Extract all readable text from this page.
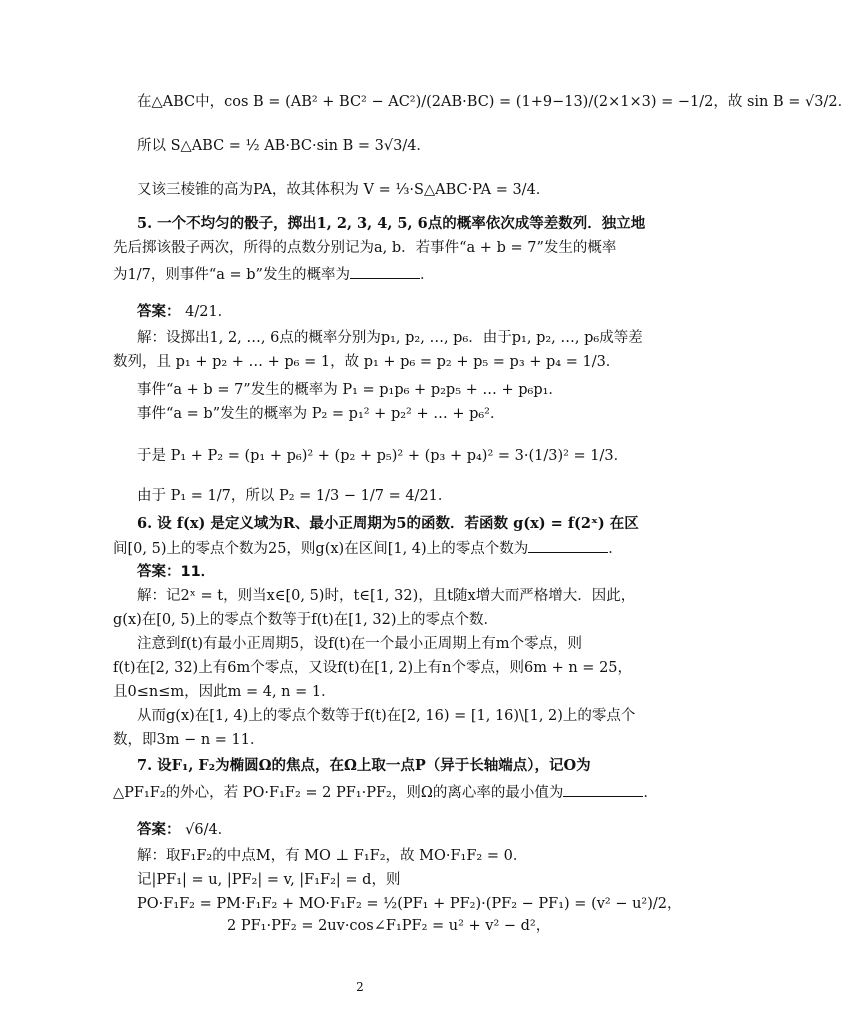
在△ABC中，cos B = (AB² + BC² − AC²)/(2AB·BC) = (1+9−13)/(2×1×3) = −1/2，故 sin B = √3/2．
所以 S△ABC = ½ AB·BC·sin B = 3√3/4．
又该三棱锥的高为PA，故其体积为 V = ⅓·S△ABC·PA = 3/4．
5. 一个不均匀的骰子，掷出1, 2, 3, 4, 5, 6点的概率依次成等差数列．独立地
先后掷该骰子两次，所得的点数分别记为a, b．若事件“a + b = 7”发生的概率
为1/7，则事件“a = b”发生的概率为	．
答案： 4/21．
解：设掷出1, 2, …, 6点的概率分别为p₁, p₂, …, p₆．由于p₁, p₂, …, p₆成等差
数列，且 p₁ + p₂ + … + p₆ = 1，故 p₁ + p₆ = p₂ + p₅ = p₃ + p₄ = 1/3．
事件“a + b = 7”发生的概率为 P₁ = p₁p₆ + p₂p₅ + … + p₆p₁．
事件“a = b”发生的概率为 P₂ = p₁² + p₂² + … + p₆²．
于是 P₁ + P₂ = (p₁ + p₆)² + (p₂ + p₅)² + (p₃ + p₄)² = 3·(1/3)² = 1/3．
由于 P₁ = 1/7，所以 P₂ = 1/3 − 1/7 = 4/21．
6. 设 f(x) 是定义域为R、最小正周期为5的函数．若函数 g(x) = f(2ˣ) 在区
间[0, 5)上的零点个数为25，则g(x)在区间[1, 4)上的零点个数为	．
答案：11．
解：记2ˣ = t，则当x∈[0, 5)时，t∈[1, 32)，且t随x增大而严格增大．因此，
g(x)在[0, 5)上的零点个数等于f(t)在[1, 32)上的零点个数．
注意到f(t)有最小正周期5，设f(t)在一个最小正周期上有m个零点，则
f(t)在[2, 32)上有6m个零点，又设f(t)在[1, 2)上有n个零点，则6m + n = 25，
且0≤n≤m，因此m = 4, n = 1．
从而g(x)在[1, 4)上的零点个数等于f(t)在[2, 16) = [1, 16)\[1, 2)上的零点个
数，即3m − n = 11．
7. 设F₁, F₂为椭圆Ω的焦点，在Ω上取一点P（异于长轴端点），记O为
△PF₁F₂的外心，若 PO·F₁F₂ = 2 PF₁·PF₂，则Ω的离心率的最小值为	．
答案： √6/4．
解：取F₁F₂的中点M，有 MO ⊥ F₁F₂，故 MO·F₁F₂ = 0．
记|PF₁| = u, |PF₂| = v, |F₁F₂| = d，则
PO·F₁F₂ = PM·F₁F₂ + MO·F₁F₂ = ½(PF₁ + PF₂)·(PF₂ − PF₁) = (v² − u²)/2，
2 PF₁·PF₂ = 2uv·cos∠F₁PF₂ = u² + v² − d²，
2
